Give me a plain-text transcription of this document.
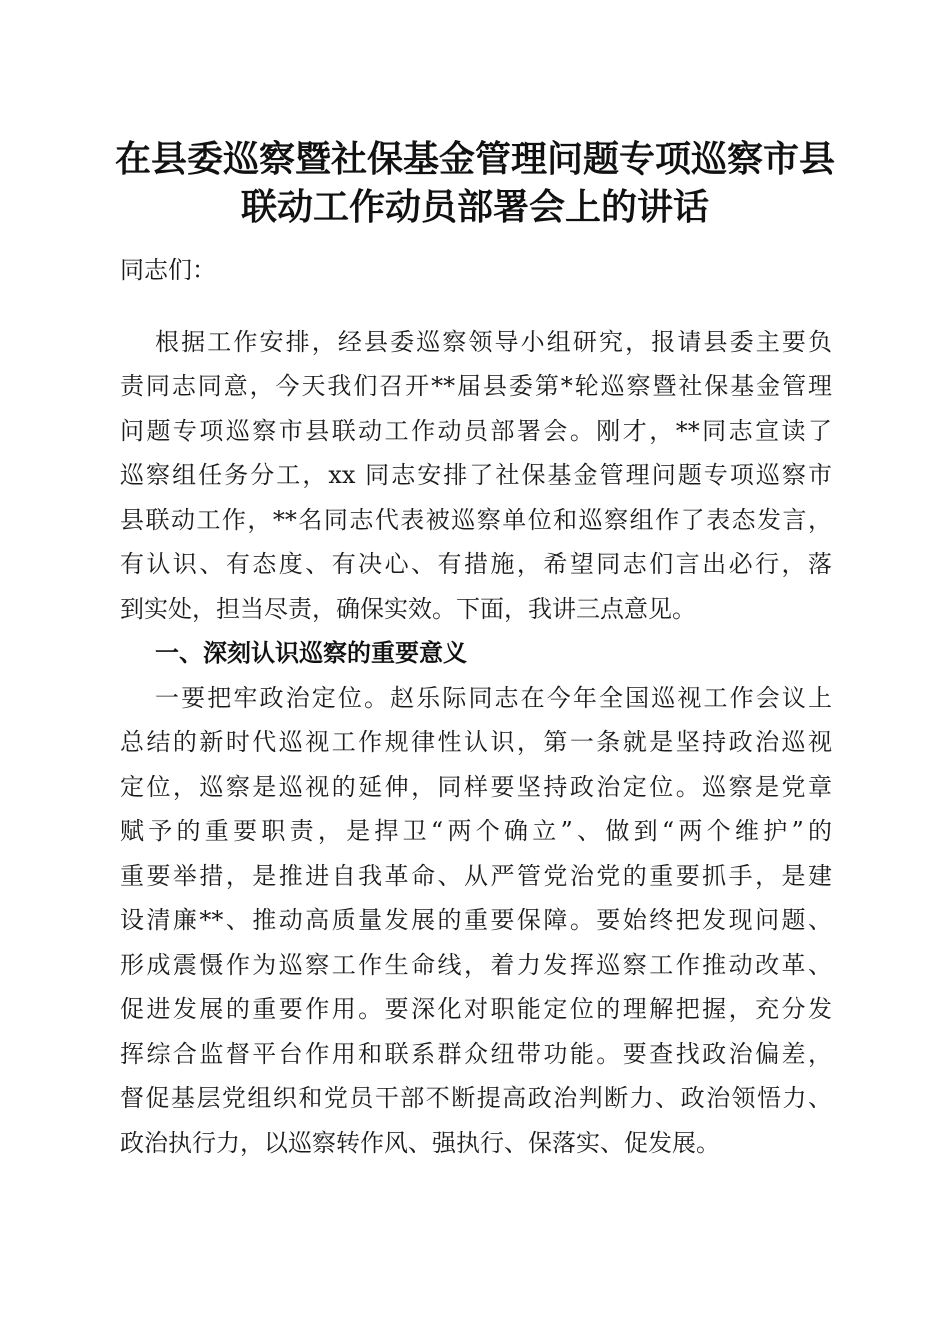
在县委巡察暨社保基金管理问题专项巡察市县
联动工作动员部署会上的讲话
同志们：
根据工作安排，经县委巡察领导小组研究，报请县委主要负
责同志同意，今天我们召开**届县委第*轮巡察暨社保基金管理
问题专项巡察市县联动工作动员部署会。刚才，**同志宣读了
巡察组任务分工，xx 同志安排了社保基金管理问题专项巡察市
县联动工作，**名同志代表被巡察单位和巡察组作了表态发言，
有认识、有态度、有决心、有措施，希望同志们言出必行，落
到实处，担当尽责，确保实效。下面，我讲三点意见。
一、深刻认识巡察的重要意义
一要把牢政治定位。赵乐际同志在今年全国巡视工作会议上
总结的新时代巡视工作规律性认识，第一条就是坚持政治巡视
定位，巡察是巡视的延伸，同样要坚持政治定位。巡察是党章
赋予的重要职责，是捍卫“两个确立”、做到“两个维护”的
重要举措，是推进自我革命、从严管党治党的重要抓手，是建
设清廉**、推动高质量发展的重要保障。要始终把发现问题、
形成震慑作为巡察工作生命线，着力发挥巡察工作推动改革、
促进发展的重要作用。要深化对职能定位的理解把握，充分发
挥综合监督平台作用和联系群众纽带功能。要查找政治偏差，
督促基层党组织和党员干部不断提高政治判断力、政治领悟力、
政治执行力，以巡察转作风、强执行、保落实、促发展。
